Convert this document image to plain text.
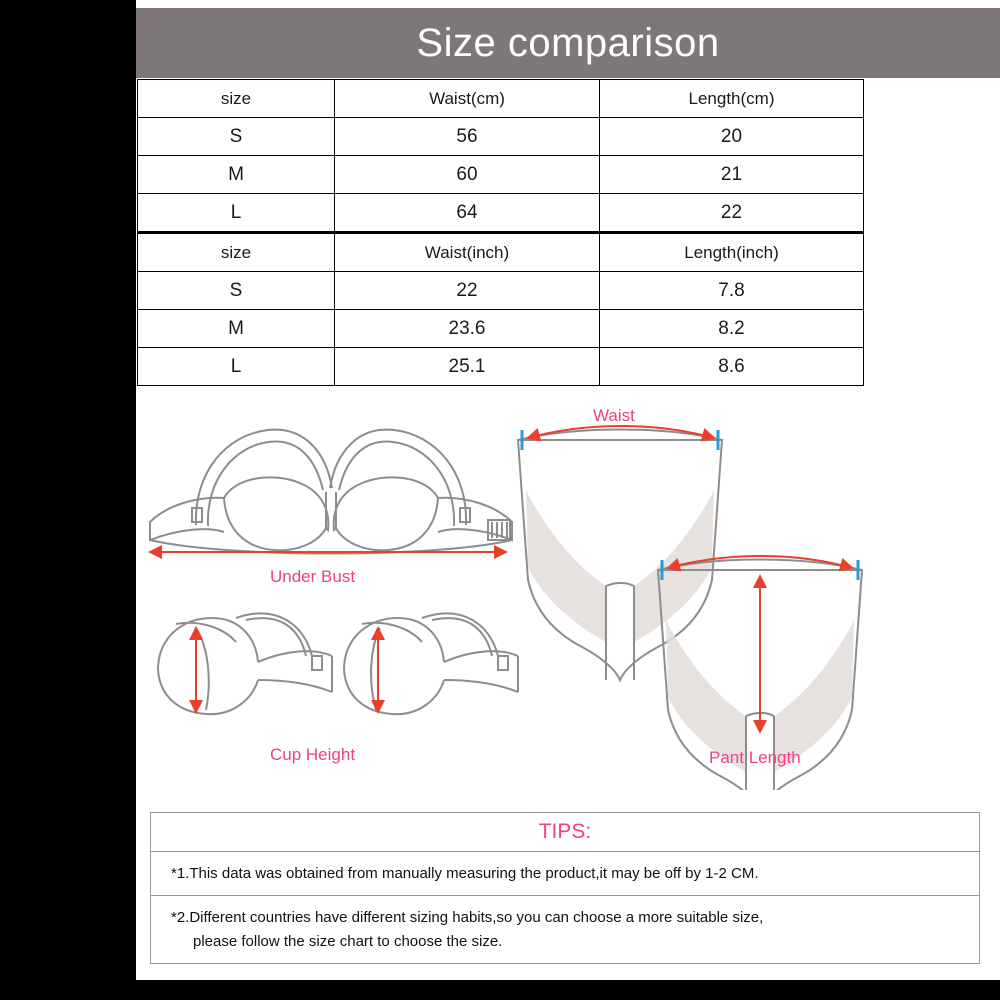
Size comparison
size	Waist(cm)	Length(cm)
S	56	20
M	60	21
L	64	22
size	Waist(inch)	Length(inch)
S	22	7.8
M	23.6	8.2
L	25.1	8.6
Under Bust
Cup Height
Waist
Pant Length
TIPS:
*1.This data was obtained from manually measuring the product,it may be off by 1-2 CM.
*2.Different countries have different sizing habits,so you can choose a more suitable size,
please follow the size chart to choose the size.
